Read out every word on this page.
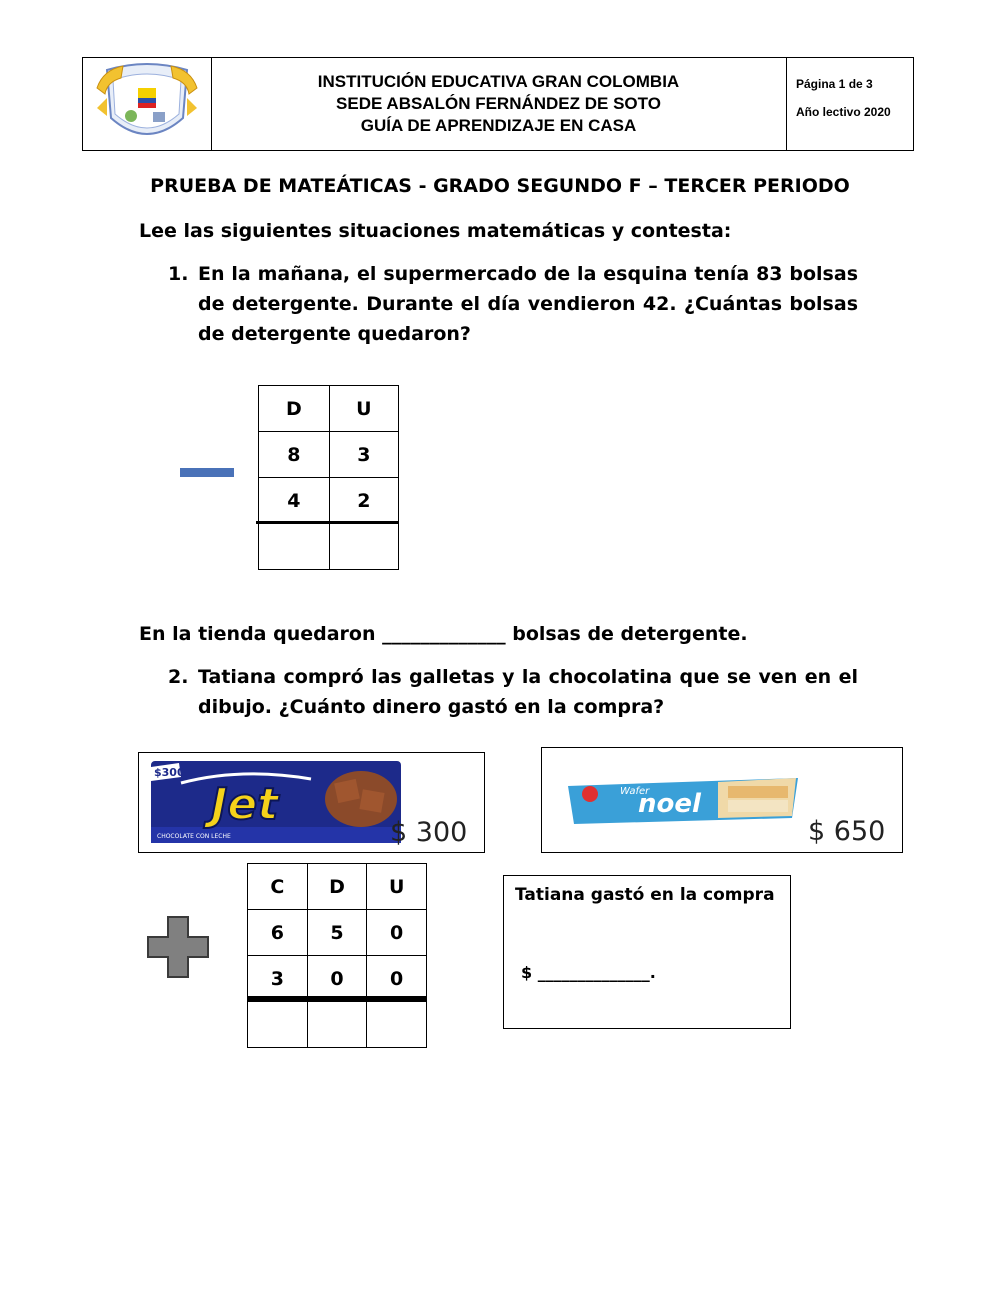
INSTITUCIÓN EDUCATIVA GRAN COLOMBIA
SEDE ABSALÓN FERNÁNDEZ DE SOTO
GUÍA DE APRENDIZAJE EN CASA
Página 1 de 3
Año lectivo 2020
PRUEBA DE MATEÁTICAS - GRADO SEGUNDO F – TERCER PERIODO
Lee las siguientes situaciones matemáticas y contesta:
1. En la mañana, el supermercado de la esquina tenía 83 bolsas de detergente. Durante el día vendieron 42. ¿Cuántas bolsas de detergente quedaron?
D	U
8	3
4	2

En la tienda quedaron _____________ bolsas de detergente.
2. Tatiana compró las galletas y la chocolatina que se ven en el dibujo. ¿Cuánto dinero gastó en la compra?
$300
Jet
CHOCOLATE CON LECHE	$ 300
Wafer
noel
$ 650
C	D	U
6	5	0
3	0	0

Tatiana gastó en la compra
$ ______________.
